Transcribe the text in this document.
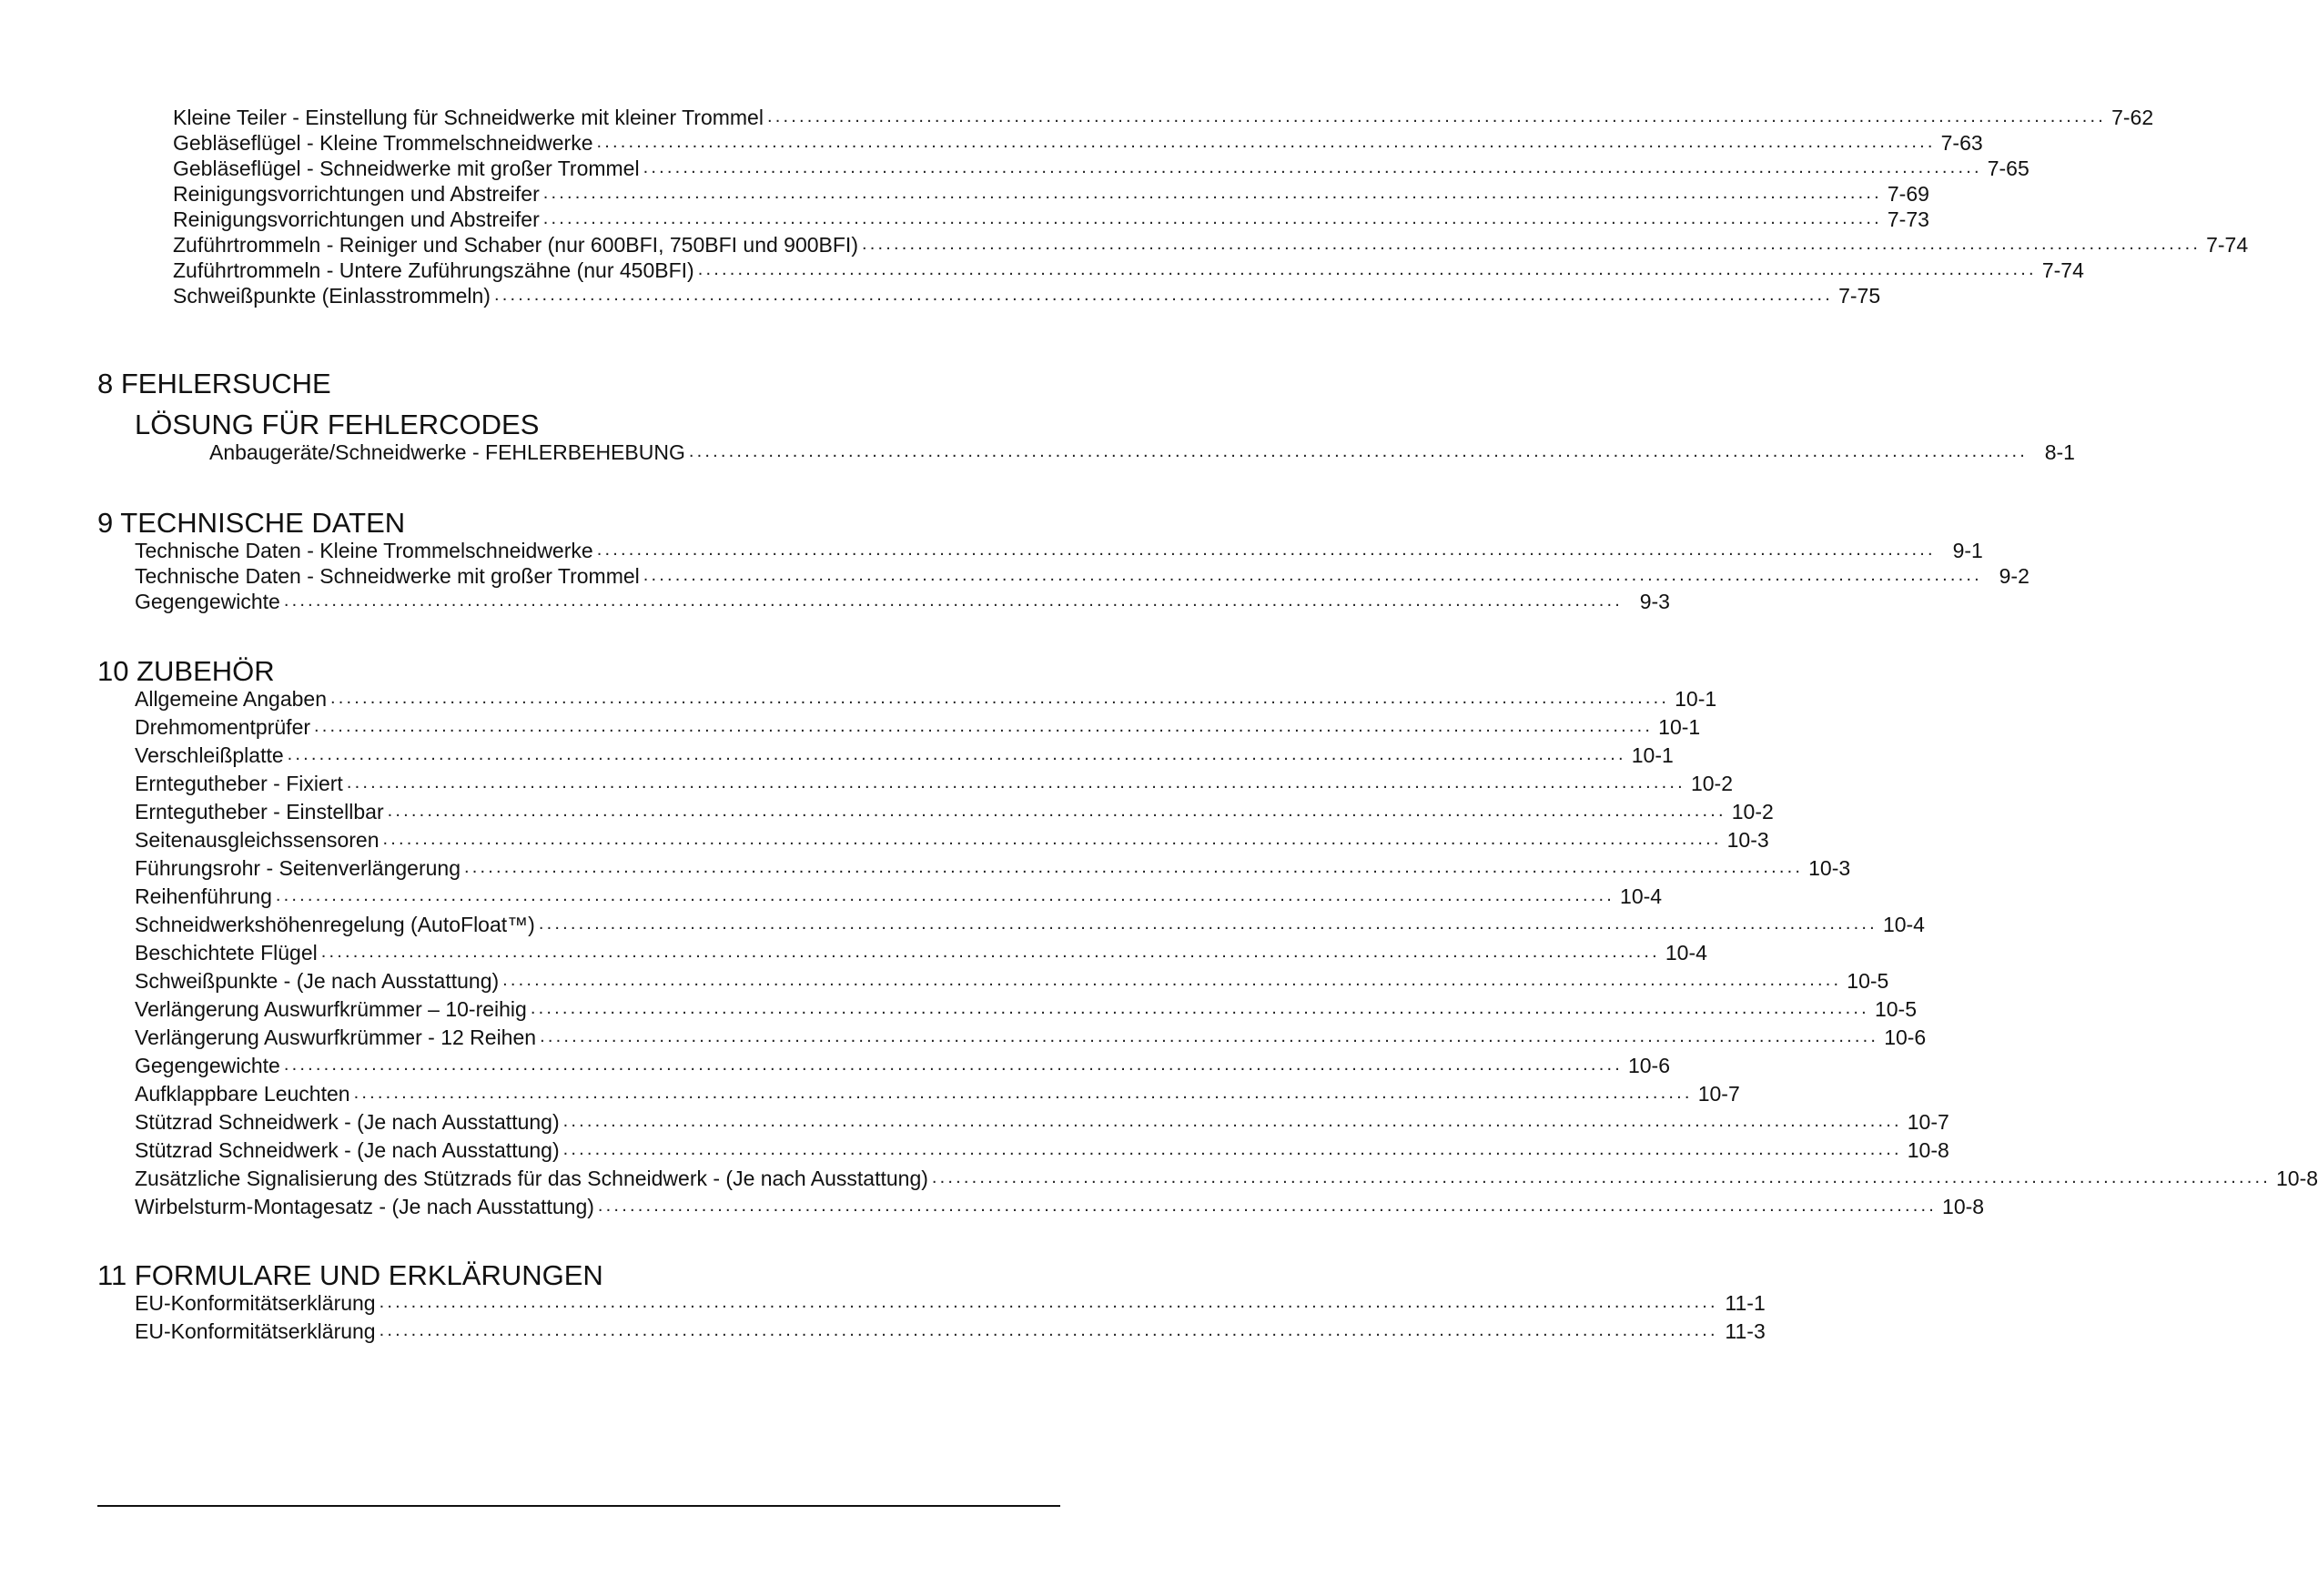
Kleine Teiler - Einstellung für Schneidwerke mit kleiner Trommel ........................................................................................................................................................................ 7-62
Gebläseflügel - Kleine Trommelschneidwerke ........................................................................................................................................................................ 7-63
Gebläseflügel - Schneidwerke mit großer Trommel ........................................................................................................................................................................ 7-65
Reinigungsvorrichtungen und Abstreifer ........................................................................................................................................................................ 7-69
Reinigungsvorrichtungen und Abstreifer ........................................................................................................................................................................ 7-73
Zuführtrommeln - Reiniger und Schaber (nur 600BFI, 750BFI und 900BFI) ........................................................................................................................................................................ 7-74
Zuführtrommeln - Untere Zuführungszähne (nur 450BFI) ........................................................................................................................................................................ 7-74
Schweißpunkte (Einlasstrommeln) ........................................................................................................................................................................ 7-75
8 FEHLERSUCHE
LÖSUNG FÜR FEHLERCODES
Anbaugeräte/Schneidwerke - FEHLERBEHEBUNG ........................................................................................................................................................................ 8-1
9 TECHNISCHE DATEN
Technische Daten - Kleine Trommelschneidwerke ........................................................................................................................................................................ 9-1
Technische Daten - Schneidwerke mit großer Trommel ........................................................................................................................................................................ 9-2
Gegengewichte ........................................................................................................................................................................ 9-3
10 ZUBEHÖR
Allgemeine Angaben ........................................................................................................................................................................ 10-1
Drehmomentprüfer ........................................................................................................................................................................ 10-1
Verschleißplatte ........................................................................................................................................................................ 10-1
Erntegutheber - Fixiert ........................................................................................................................................................................ 10-2
Erntegutheber - Einstellbar ........................................................................................................................................................................ 10-2
Seitenausgleichssensoren ........................................................................................................................................................................ 10-3
Führungsrohr - Seitenverlängerung ........................................................................................................................................................................ 10-3
Reihenführung ........................................................................................................................................................................ 10-4
Schneidwerkshöhenregelung (AutoFloat™) ........................................................................................................................................................................ 10-4
Beschichtete Flügel ........................................................................................................................................................................ 10-4
Schweißpunkte - (Je nach Ausstattung) ........................................................................................................................................................................ 10-5
Verlängerung Auswurfkrümmer – 10-reihig ........................................................................................................................................................................ 10-5
Verlängerung Auswurfkrümmer - 12 Reihen ........................................................................................................................................................................ 10-6
Gegengewichte ........................................................................................................................................................................ 10-6
Aufklappbare Leuchten ........................................................................................................................................................................ 10-7
Stützrad Schneidwerk - (Je nach Ausstattung) ........................................................................................................................................................................ 10-7
Stützrad Schneidwerk - (Je nach Ausstattung) ........................................................................................................................................................................ 10-8
Zusätzliche Signalisierung des Stützrads für das Schneidwerk - (Je nach Ausstattung) ........................................................................................................................................................................ 10-8
Wirbelsturm-Montagesatz - (Je nach Ausstattung) ........................................................................................................................................................................ 10-8
11 FORMULARE UND ERKLÄRUNGEN
EU-Konformitätserklärung ........................................................................................................................................................................ 11-1
EU-Konformitätserklärung ........................................................................................................................................................................ 11-3
